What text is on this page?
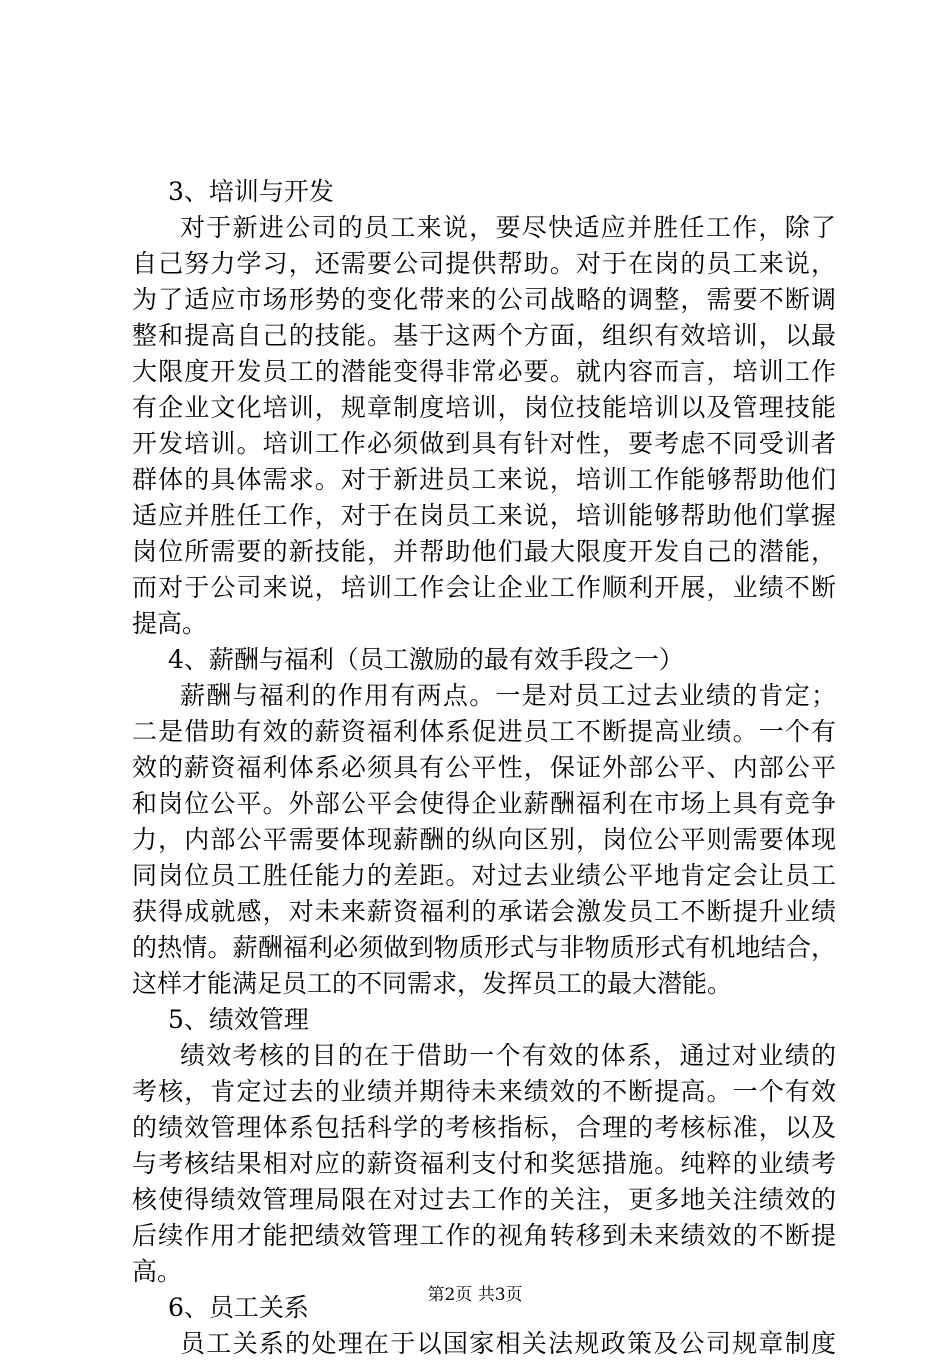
3、培训与开发
对于新进公司的员工来说，要尽快适应并胜任工作，除了
自己努力学习，还需要公司提供帮助。对于在岗的员工来说，
为了适应市场形势的变化带来的公司战略的调整，需要不断调
整和提高自己的技能。基于这两个方面，组织有效培训，以最
大限度开发员工的潜能变得非常必要。就内容而言，培训工作
有企业文化培训，规章制度培训，岗位技能培训以及管理技能
开发培训。培训工作必须做到具有针对性，要考虑不同受训者
群体的具体需求。对于新进员工来说，培训工作能够帮助他们
适应并胜任工作，对于在岗员工来说，培训能够帮助他们掌握
岗位所需要的新技能，并帮助他们最大限度开发自己的潜能，
而对于公司来说，培训工作会让企业工作顺利开展，业绩不断
提高。
4、薪酬与福利（员工激励的最有效手段之一）
薪酬与福利的作用有两点。一是对员工过去业绩的肯定；
二是借助有效的薪资福利体系促进员工不断提高业绩。一个有
效的薪资福利体系必须具有公平性，保证外部公平、内部公平
和岗位公平。外部公平会使得企业薪酬福利在市场上具有竞争
力，内部公平需要体现薪酬的纵向区别，岗位公平则需要体现
同岗位员工胜任能力的差距。对过去业绩公平地肯定会让员工
获得成就感，对未来薪资福利的承诺会激发员工不断提升业绩
的热情。薪酬福利必须做到物质形式与非物质形式有机地结合，
这样才能满足员工的不同需求，发挥员工的最大潜能。
5、绩效管理
绩效考核的目的在于借助一个有效的体系，通过对业绩的
考核，肯定过去的业绩并期待未来绩效的不断提高。一个有效
的绩效管理体系包括科学的考核指标，合理的考核标准，以及
与考核结果相对应的薪资福利支付和奖惩措施。纯粹的业绩考
核使得绩效管理局限在对过去工作的关注，更多地关注绩效的
后续作用才能把绩效管理工作的视角转移到未来绩效的不断提
高。
6、员工关系
员工关系的处理在于以国家相关法规政策及公司规章制度
第2页 共3页
